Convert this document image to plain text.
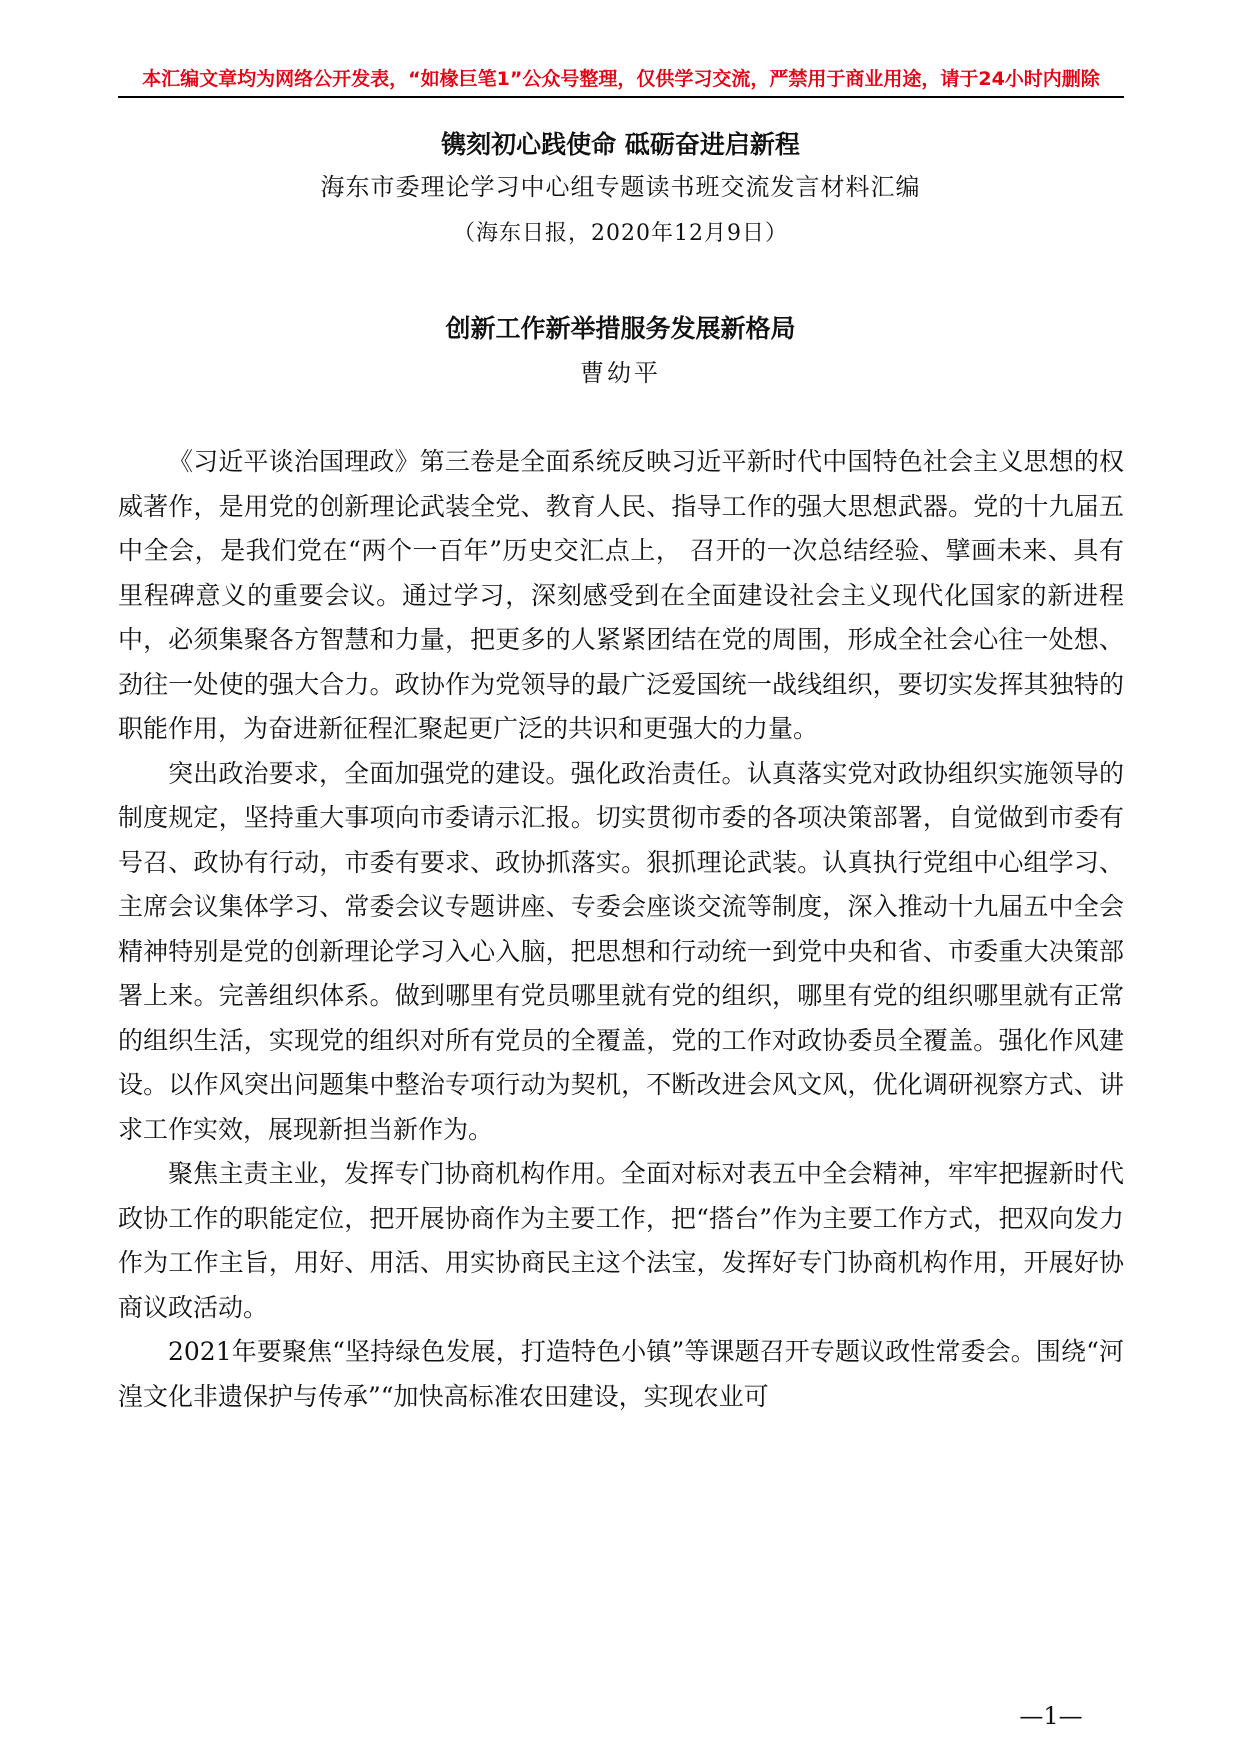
本汇编文章均为网络公开发表，“如椽巨笔1”公众号整理，仅供学习交流，严禁用于商业用途，请于24小时内删除
镌刻初心践使命 砥砺奋进启新程
海东市委理论学习中心组专题读书班交流发言材料汇编
（海东日报，2020年12月9日）
创新工作新举措服务发展新格局
曹幼平

《习近平谈治国理政》第三卷是全面系统反映习近平新时代中国特色社会主义思想的权威著作，是用党的创新理论武装全党、教育人民、指导工作的强大思想武器。党的十九届五中全会，是我们党在“两个一百年”历史交汇点上， 召开的一次总结经验、擘画未来、具有里程碑意义的重要会议。通过学习，深刻感受到在全面建设社会主义现代化国家的新进程中，必须集聚各方智慧和力量，把更多的人紧紧团结在党的周围，形成全社会心往一处想、劲往一处使的强大合力。政协作为党领导的最广泛爱国统一战线组织，要切实发挥其独特的职能作用，为奋进新征程汇聚起更广泛的共识和更强大的力量。

突出政治要求，全面加强党的建设。强化政治责任。认真落实党对政协组织实施领导的制度规定，坚持重大事项向市委请示汇报。切实贯彻市委的各项决策部署，自觉做到市委有号召、政协有行动，市委有要求、政协抓落实。狠抓理论武装。认真执行党组中心组学习、主席会议集体学习、常委会议专题讲座、专委会座谈交流等制度，深入推动十九届五中全会精神特别是党的创新理论学习入心入脑，把思想和行动统一到党中央和省、市委重大决策部署上来。完善组织体系。做到哪里有党员哪里就有党的组织，哪里有党的组织哪里就有正常的组织生活，实现党的组织对所有党员的全覆盖，党的工作对政协委员全覆盖。强化作风建设。以作风突出问题集中整治专项行动为契机，不断改进会风文风，优化调研视察方式、讲求工作实效，展现新担当新作为。

聚焦主责主业，发挥专门协商机构作用。全面对标对表五中全会精神，牢牢把握新时代政协工作的职能定位，把开展协商作为主要工作，把“搭台”作为主要工作方式，把双向发力作为工作主旨，用好、用活、用实协商民主这个法宝，发挥好专门协商机构作用，开展好协商议政活动。

2021年要聚焦“坚持绿色发展，打造特色小镇”等课题召开专题议政性常委会。围绕“河湟文化非遗保护与传承”“加快高标准农田建设，实现农业可

—1—
